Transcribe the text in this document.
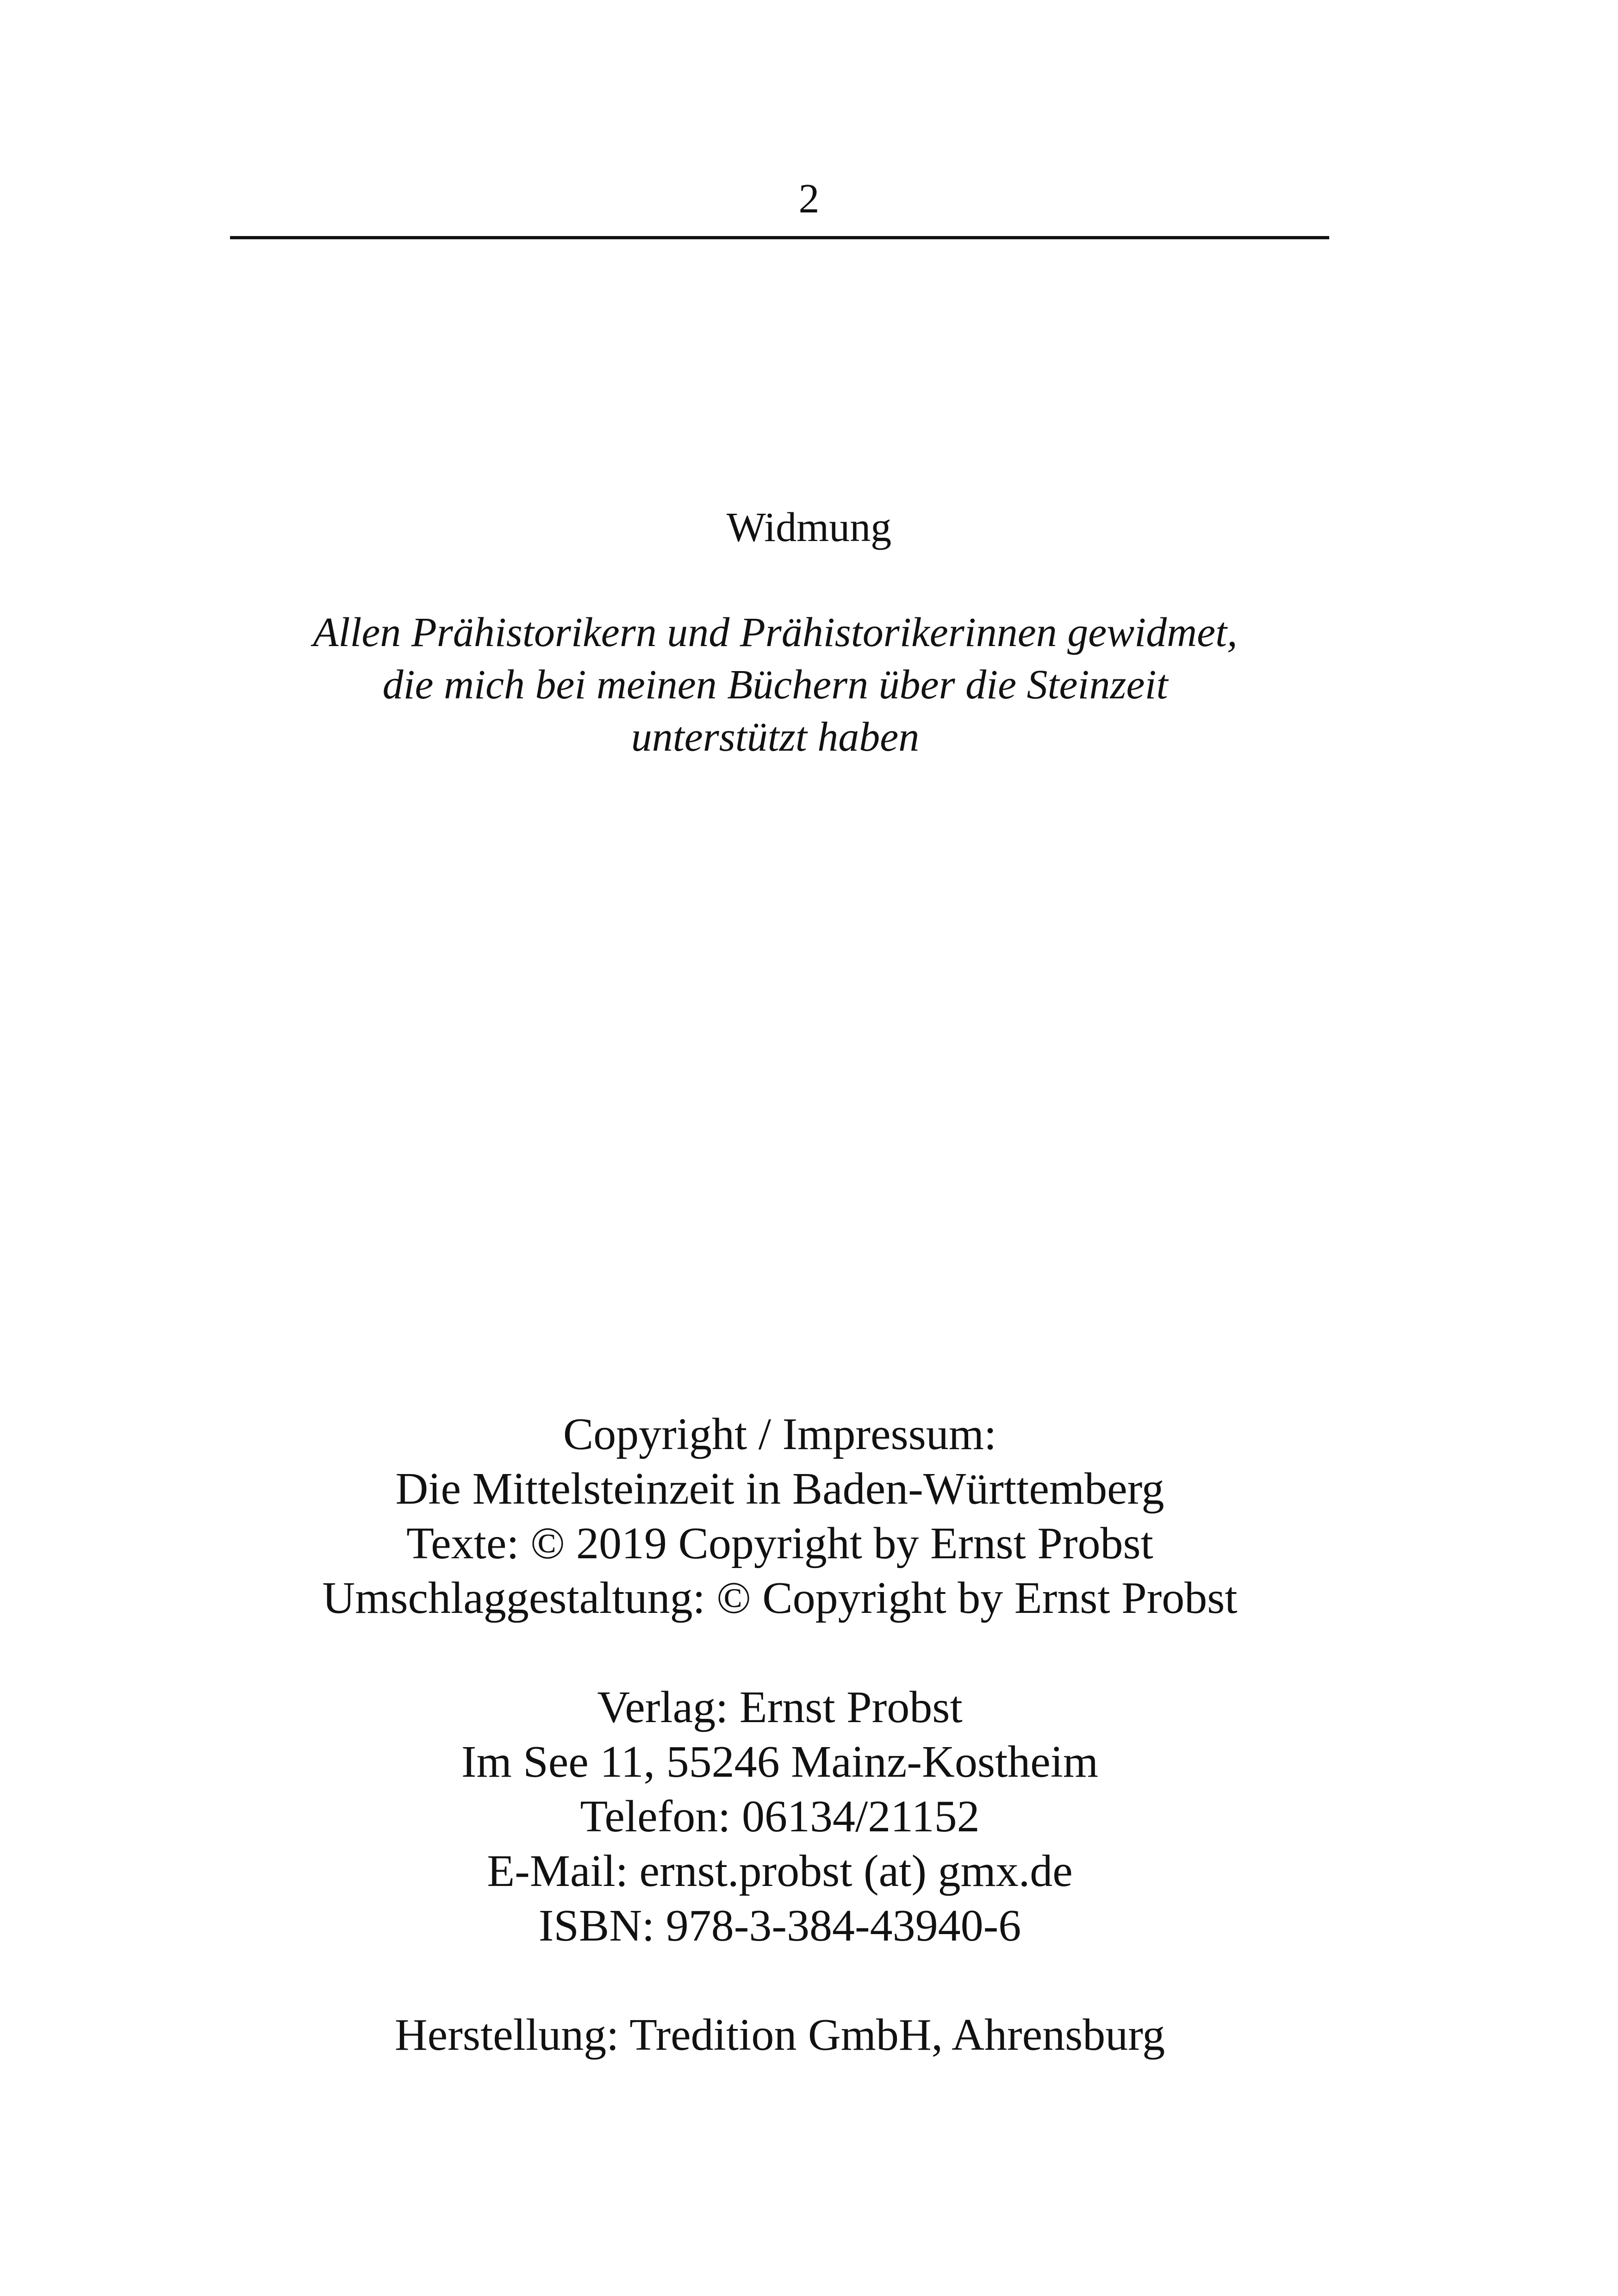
2
Widmung
Allen Prähistorikern und Prähistorikerinnen gewidmet,
die mich bei meinen Büchern über die Steinzeit
unterstützt haben
Copyright / Impressum:
Die Mittelsteinzeit in Baden-Württemberg
Texte: © 2019 Copyright by Ernst Probst
Umschlaggestaltung: © Copyright by Ernst Probst
Verlag: Ernst Probst
Im See 11, 55246 Mainz-Kostheim
Telefon: 06134/21152
E-Mail: ernst.probst (at) gmx.de
ISBN: 978-3-384-43940-6
Herstellung: Tredition GmbH, Ahrensburg
